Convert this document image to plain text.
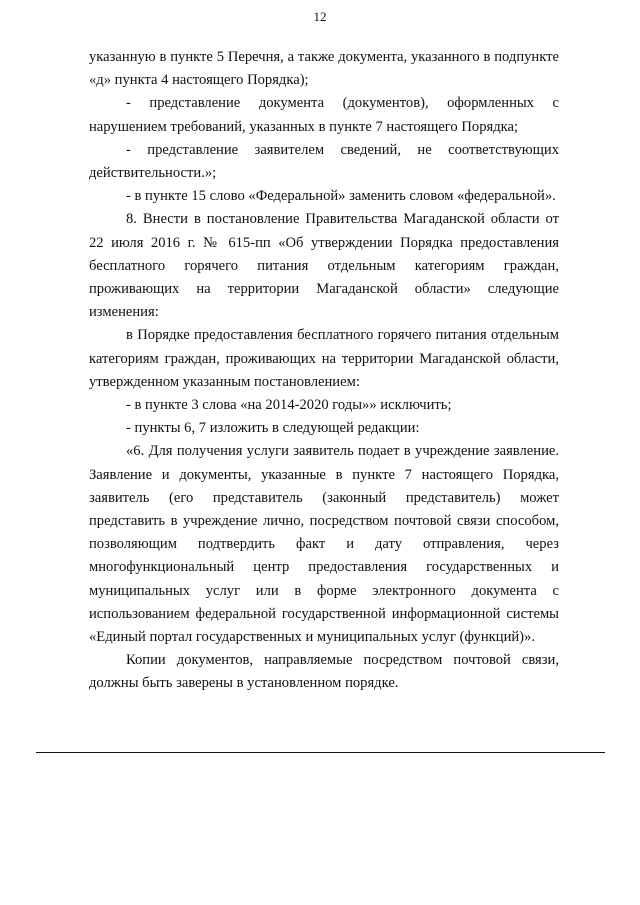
12

указанную в пункте 5 Перечня, а также документа, указанного в подпункте «д» пункта 4 настоящего Порядка);

- представление документа (документов), оформленных с нарушением требований, указанных в пункте 7 настоящего Порядка;

- представление заявителем сведений, не соответствующих действительности.»;

- в пункте 15 слово «Федеральной» заменить словом «федеральной».

8. Внести в постановление Правительства Магаданской области от 22 июля 2016 г. № 615-пп «Об утверждении Порядка предоставления бесплатного горячего питания отдельным категориям граждан, проживающих на территории Магаданской области» следующие изменения:

в Порядке предоставления бесплатного горячего питания отдельным категориям граждан, проживающих на территории Магаданской области, утвержденном указанным постановлением:

- в пункте 3 слова «на 2014-2020 годы»» исключить;

- пункты 6, 7 изложить в следующей редакции:

«6. Для получения услуги заявитель подает в учреждение заявление. Заявление и документы, указанные в пункте 7 настоящего Порядка, заявитель (его представитель (законный представитель) может представить в учреждение лично, посредством почтовой связи способом, позволяющим подтвердить факт и дату отправления, через многофункциональный центр предоставления государственных и муниципальных услуг или в форме электронного документа с использованием федеральной государственной информационной системы «Единый портал государственных и муниципальных услуг (функций)».

Копии документов, направляемые посредством почтовой связи, должны быть заверены в установленном порядке.
